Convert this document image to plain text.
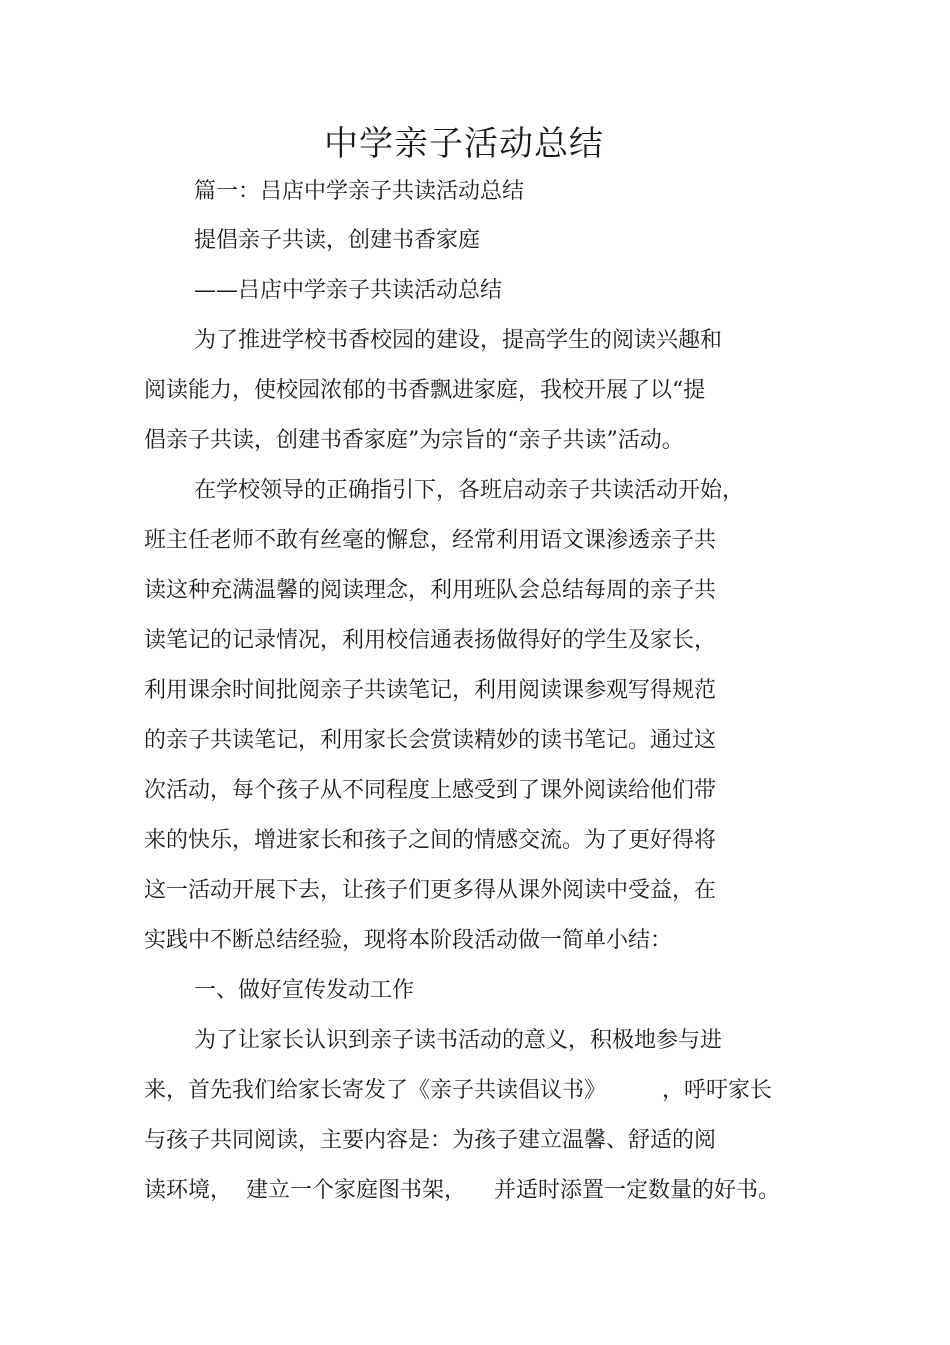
中学亲子活动总结
篇一：吕店中学亲子共读活动总结
提倡亲子共读，创建书香家庭
——吕店中学亲子共读活动总结
为了推进学校书香校园的建设，提高学生的阅读兴趣和
阅读能力，使校园浓郁的书香飘进家庭，我校开展了以“提
倡亲子共读，创建书香家庭”为宗旨的“亲子共读”活动。
在学校领导的正确指引下，各班启动亲子共读活动开始，
班主任老师不敢有丝毫的懈怠，经常利用语文课渗透亲子共
读这种充满温馨的阅读理念，利用班队会总结每周的亲子共
读笔记的记录情况，利用校信通表扬做得好的学生及家长，
利用课余时间批阅亲子共读笔记，利用阅读课参观写得规范
的亲子共读笔记，利用家长会赏读精妙的读书笔记。通过这
次活动，每个孩子从不同程度上感受到了课外阅读给他们带
来的快乐，增进家长和孩子之间的情感交流。为了更好得将
这一活动开展下去，让孩子们更多得从课外阅读中受益，在
实践中不断总结经验，现将本阶段活动做一简单小结：
一、做好宣传发动工作
为了让家长认识到亲子读书活动的意义，积极地参与进
来，首先我们给家长寄发了《亲子共读倡议书》        ，呼吁家长
与孩子共同阅读，主要内容是：为孩子建立温馨、舒适的阅
读环境，  建立一个家庭图书架，    并适时添置一定数量的好书。
